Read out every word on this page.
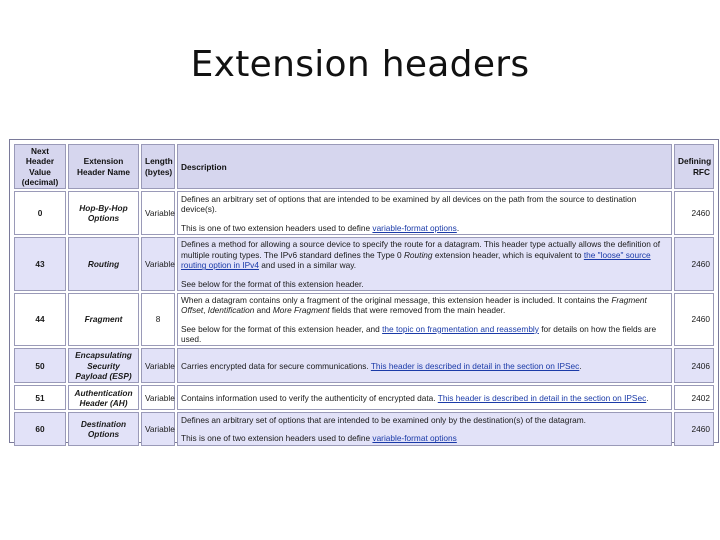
Extension headers
Next Header Value (decimal)	Extension Header Name	Length (bytes)	Description	Defining RFC
0	Hop-By-Hop Options	Variable	Defines an arbitrary set of options that are intended to be examined by all devices on the path from the source to destination device(s).

This is one of two extension headers used to define variable-format options.	2460
43	Routing	Variable	Defines a method for allowing a source device to specify the route for a datagram. This header type actually allows the definition of multiple routing types. The IPv6 standard defines the Type 0 Routing extension header, which is equivalent to the "loose" source routing option in IPv4 and used in a similar way.

See below for the format of this extension header.	2460
44	Fragment	8	When a datagram contains only a fragment of the original message, this extension header is included. It contains the Fragment Offset, Identification and More Fragment fields that were removed from the main header.

See below for the format of this extension header, and the topic on fragmentation and reassembly for details on how the fields are used.	2460
50	Encapsulating Security Payload (ESP)	Variable	Carries encrypted data for secure communications. This header is described in detail in the section on IPSec.	2406
51	Authentication Header (AH)	Variable	Contains information used to verify the authenticity of encrypted data. This header is described in detail in the section on IPSec.	2402
60	Destination Options	Variable	Defines an arbitrary set of options that are intended to be examined only by the destination(s) of the datagram.

This is one of two extension headers used to define variable-format options	2460
